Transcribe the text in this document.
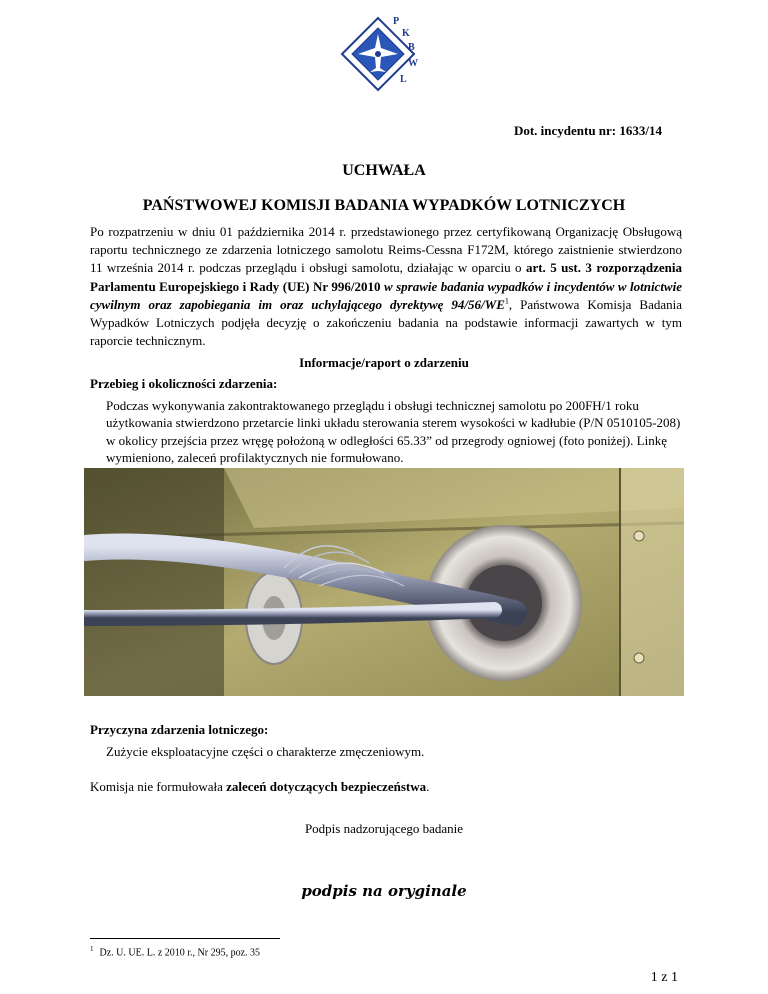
P
K
B
W
L
Dot. incydentu nr: 1633/14
UCHWAŁA
PAŃSTWOWEJ KOMISJI BADANIA WYPADKÓW LOTNICZYCH

Po rozpatrzeniu w dniu 01 października 2014 r. przedstawionego przez certyfikowaną Organizację Obsługową raportu technicznego ze zdarzenia lotniczego samolotu Reims-Cessna F172M, którego zaistnienie stwierdzono 11 września 2014 r. podczas przeglądu i obsługi samolotu, działając w oparciu o art. 5 ust. 3 rozporządzenia Parlamentu Europejskiego i Rady (UE) Nr 996/2010 w sprawie badania wypadków i incydentów w lotnictwie cywilnym oraz zapobiegania im oraz uchylającego dyrektywę $94/56/WE^1$, Państwowa Komisja Badania Wypadków Lotniczych podjęła decyzję o zakończeniu badania na podstawie informacji zawartych w tym raporcie technicznym.

Informacje/raport o zdarzeniu
Przebieg i okoliczności zdarzenia:

Podczas wykonywania zakontraktowanego przeglądu i obsługi technicznej samolotu po 200FH/1 roku użytkowania stwierdzono przetarcie linki układu sterowania sterem wysokości w kadłubie (P/N 0510105-208) w okolicy przejścia przez wręgę położoną w odległości 65.33” od przegrody ogniowej (foto poniżej). Linkę wymieniono, zaleceń profilaktycznych nie formułowano.

Przyczyna zdarzenia lotniczego:
Zużycie eksploatacyjne części o charakterze zmęczeniowym.
Komisja nie formułowała zaleceń dotyczących bezpieczeństwa.
Podpis nadzorującego badanie
podpis na oryginale
$^1$ Dz. U. UE. L. z 2010 r., Nr 295, poz. 35
1 z 1
